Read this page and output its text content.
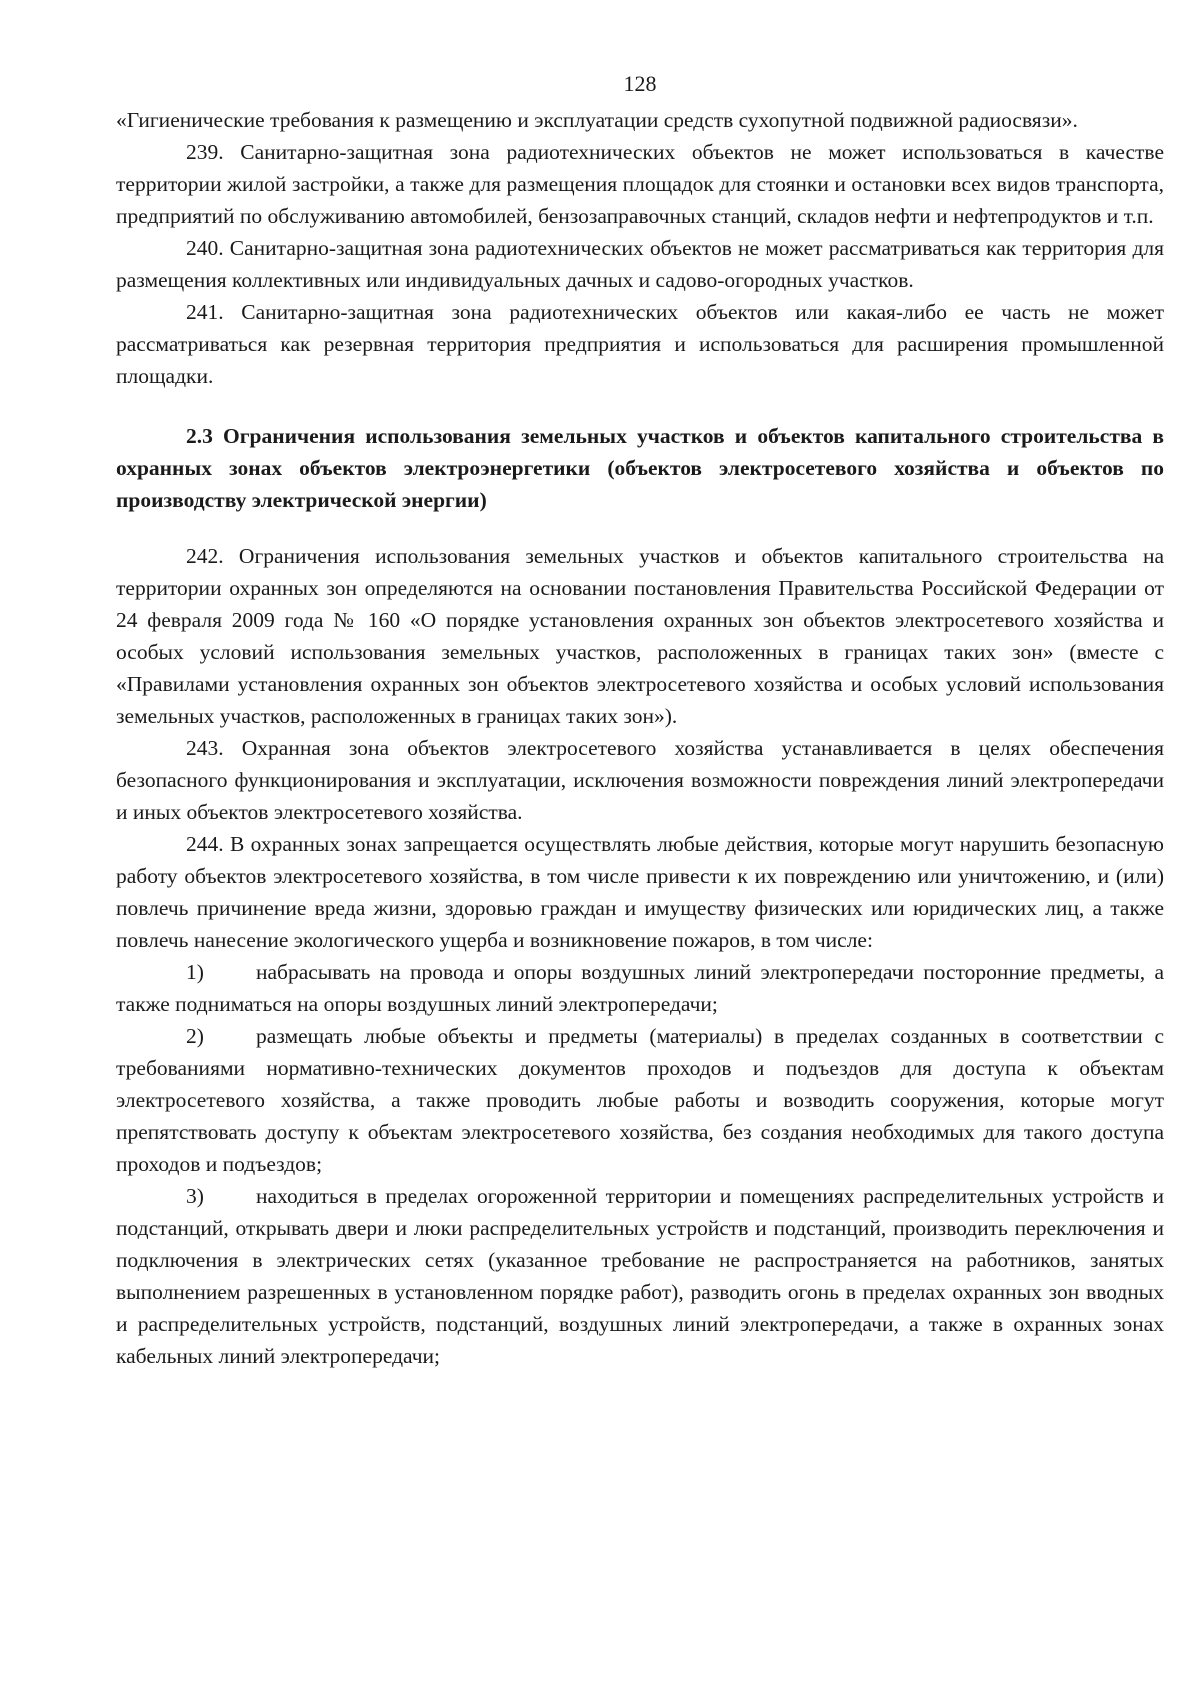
128

«Гигиенические требования к размещению и эксплуатации средств сухопутной подвижной радиосвязи».

239. Санитарно-защитная зона радиотехнических объектов не может использоваться в качестве территории жилой застройки, а также для размещения площадок для стоянки и остановки всех видов транспорта, предприятий по обслуживанию автомобилей, бензозаправочных станций, складов нефти и нефтепродуктов и т.п.

240. Санитарно-защитная зона радиотехнических объектов не может рассматриваться как территория для размещения коллективных или индивидуальных дачных и садово-огородных участков.

241. Санитарно-защитная зона радиотехнических объектов или какая-либо ее часть не может рассматриваться как резервная территория предприятия и использоваться для расширения промышленной площадки.

2.3 Ограничения использования земельных участков и объектов капитального строительства в охранных зонах объектов электроэнергетики (объектов электросетевого хозяйства и объектов по производству электрической энергии)

242. Ограничения использования земельных участков и объектов капитального строительства на территории охранных зон определяются на основании постановления Правительства Российской Федерации от 24 февраля 2009 года № 160 «О порядке установления охранных зон объектов электросетевого хозяйства и особых условий использования земельных участков, расположенных в границах таких зон» (вместе с «Правилами установления охранных зон объектов электросетевого хозяйства и особых условий использования земельных участков, расположенных в границах таких зон»).

243. Охранная зона объектов электросетевого хозяйства устанавливается в целях обеспечения безопасного функционирования и эксплуатации, исключения возможности повреждения линий электропередачи и иных объектов электросетевого хозяйства.

244. В охранных зонах запрещается осуществлять любые действия, которые могут нарушить безопасную работу объектов электросетевого хозяйства, в том числе привести к их повреждению или уничтожению, и (или) повлечь причинение вреда жизни, здоровью граждан и имуществу физических или юридических лиц, а также повлечь нанесение экологического ущерба и возникновение пожаров, в том числе:

1) набрасывать на провода и опоры воздушных линий электропередачи посторонние предметы, а также подниматься на опоры воздушных линий электропередачи;

2) размещать любые объекты и предметы (материалы) в пределах созданных в соответствии с требованиями нормативно-технических документов проходов и подъездов для доступа к объектам электросетевого хозяйства, а также проводить любые работы и возводить сооружения, которые могут препятствовать доступу к объектам электросетевого хозяйства, без создания необходимых для такого доступа проходов и подъездов;

3) находиться в пределах огороженной территории и помещениях распределительных устройств и подстанций, открывать двери и люки распределительных устройств и подстанций, производить переключения и подключения в электрических сетях (указанное требование не распространяется на работников, занятых выполнением разрешенных в установленном порядке работ), разводить огонь в пределах охранных зон вводных и распределительных устройств, подстанций, воздушных линий электропередачи, а также в охранных зонах кабельных линий электропередачи;
